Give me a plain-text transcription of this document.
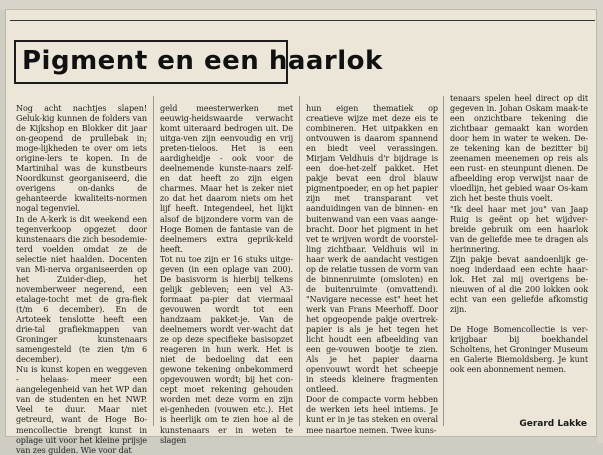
Pigment en een haarlok

Nog acht nachtjes slapen! Geluk-kig kunnen de folders van de Kijkshop en Blokker dit jaar on-geopend de prullebak in; moge-lijkheden te over om iets origine-lers te kopen. In de Martinihal was de kunstbeurs Noordkunst georganiseerd, die overigens on-danks de gehanteerde kwaliteits-normen nogal tegenviel.

In de A-kerk is dit weekend een tegenverkoop opgezet door kunstenaars die zich besodemie-terd voelden omdat ze de selectie niet haalden. Docenten van Mi-nerva organiseerden op het Zuider-diep, het novemberweer negerend, een etalage-tocht met de gra-fiek (t/m 6 december). En de Artoteek tenslotte heeft een drie-tal grafiekmappen van Groninger kunstenaars samengesteld (te zien t/m 6 december).

Nu is kunst kopen en weggeven - helaas- meer een aangelegenheid van het WP dan van de studenten en het NWP. Veel te duur. Maar niet getreurd, want de Hoge Bo-mencollectie brengt kunst in oplage uit voor het kleine prijsje van zes gulden. Wie voor dat

geld meesterwerken met eeuwig-heidswaarde verwacht komt uiteraard bedrogen uit. De uitga-ven zijn eenvoudig en vrij preten-tieloos. Het is een aardigheidje - ook voor de deelnemende kunste-naars zelf- en dat heeft zo zijn eigen charmes. Maar het is zeker niet zo dat het daarom niets om het lijf heeft. Integendeel, het lijkt alsof de bijzondere vorm van de Hoge Bomen de fantasie van de deelnemers extra geprik-keld heeft.

Tot nu toe zijn er 16 stuks uitge-geven (in een oplage van 200). De basisvorm is hierbij telkens gelijk gebleven; een vel A3-formaat pa-pier dat viermaal gevouwen wordt tot een handzaam pakket-je. Van de deelnemers wordt ver-wacht dat ze op deze specifieke basisopzet reageren in hun werk. Het is niet de bedoeling dat een gewone tekening onbekommerd opgevouwen wordt; bij het con-cept moet rekening gehouden worden met deze vorm en zijn ei-genheden (vouwen etc.). Het is heerlijk om te zien hoe al de kunstenaars er in weten te slagen

hun eigen thematiek op creatieve wijze met deze eis te combineren. Het uitpakken en ontvouwen is daarom spannend en biedt veel verassingen. Mirjam Veldhuis d'r bijdrage is een doe-het-zelf pakket. Het pakje bevat een drol blauw pigmentpoeder, en op het papier zijn met transparant vet aanduidingen van de binnen- en buitenwand van een vaas aange-bracht. Door het pigment in het vet te wrijven wordt de voorstel-ling zichtbaar. Veldhuis wil in haar werk de aandacht vestigen op de relatie tussen de vorm van de binnenruimte (omsloten) en de buitenruimte (omvattend). "Navigare necesse est" heet het werk van Frans Meerhoff. Door het opgeopende pakje overtrek-papier is als je het tegen het licht houdt een afbeelding van een ge-vouwen bootje te zien. Als je het papier daarna openvouwt wordt het scheepje in steeds kleinere fragmenten ontleed.

Door de compacte vorm hebben de werken iets heel intiems. Je kunt er in je tas steken en overal mee naartoe nemen. Twee kuns-

tenaars spelen heel direct op dit gegeven in. Johan Oskam maak-te een onzichtbare tekening die zichtbaar gemaakt kan worden door hem in water te weken. De-ze tekening kan de bezitter bij zeenamen meenemen op reis als een rust- en steunpunt dienen. De afbeelding erop verwijst naar de vloedlijn, het gebied waar Os-kam zich het beste thuis voelt.

"Ik deel haar met jou" van Jaap Ruig is geënt op het wijdver-breide gebruik om een haarlok van de geliefde mee te dragen als herinnering.

Zijn pakje bevat aandoenlijk ge-noeg inderdaad een echte haar-lok. Het zal mij overigens be-nieuwen of al die 200 lokken ook echt van een geliefde afkomstig zijn.

De Hoge Bomencollectie is ver-krijgbaar bij boekhandel Scholtens, het Groninger Museum en Galerie Biemoldsberg. Je kunt ook een abonnement nemen.

Gerard Lakke
